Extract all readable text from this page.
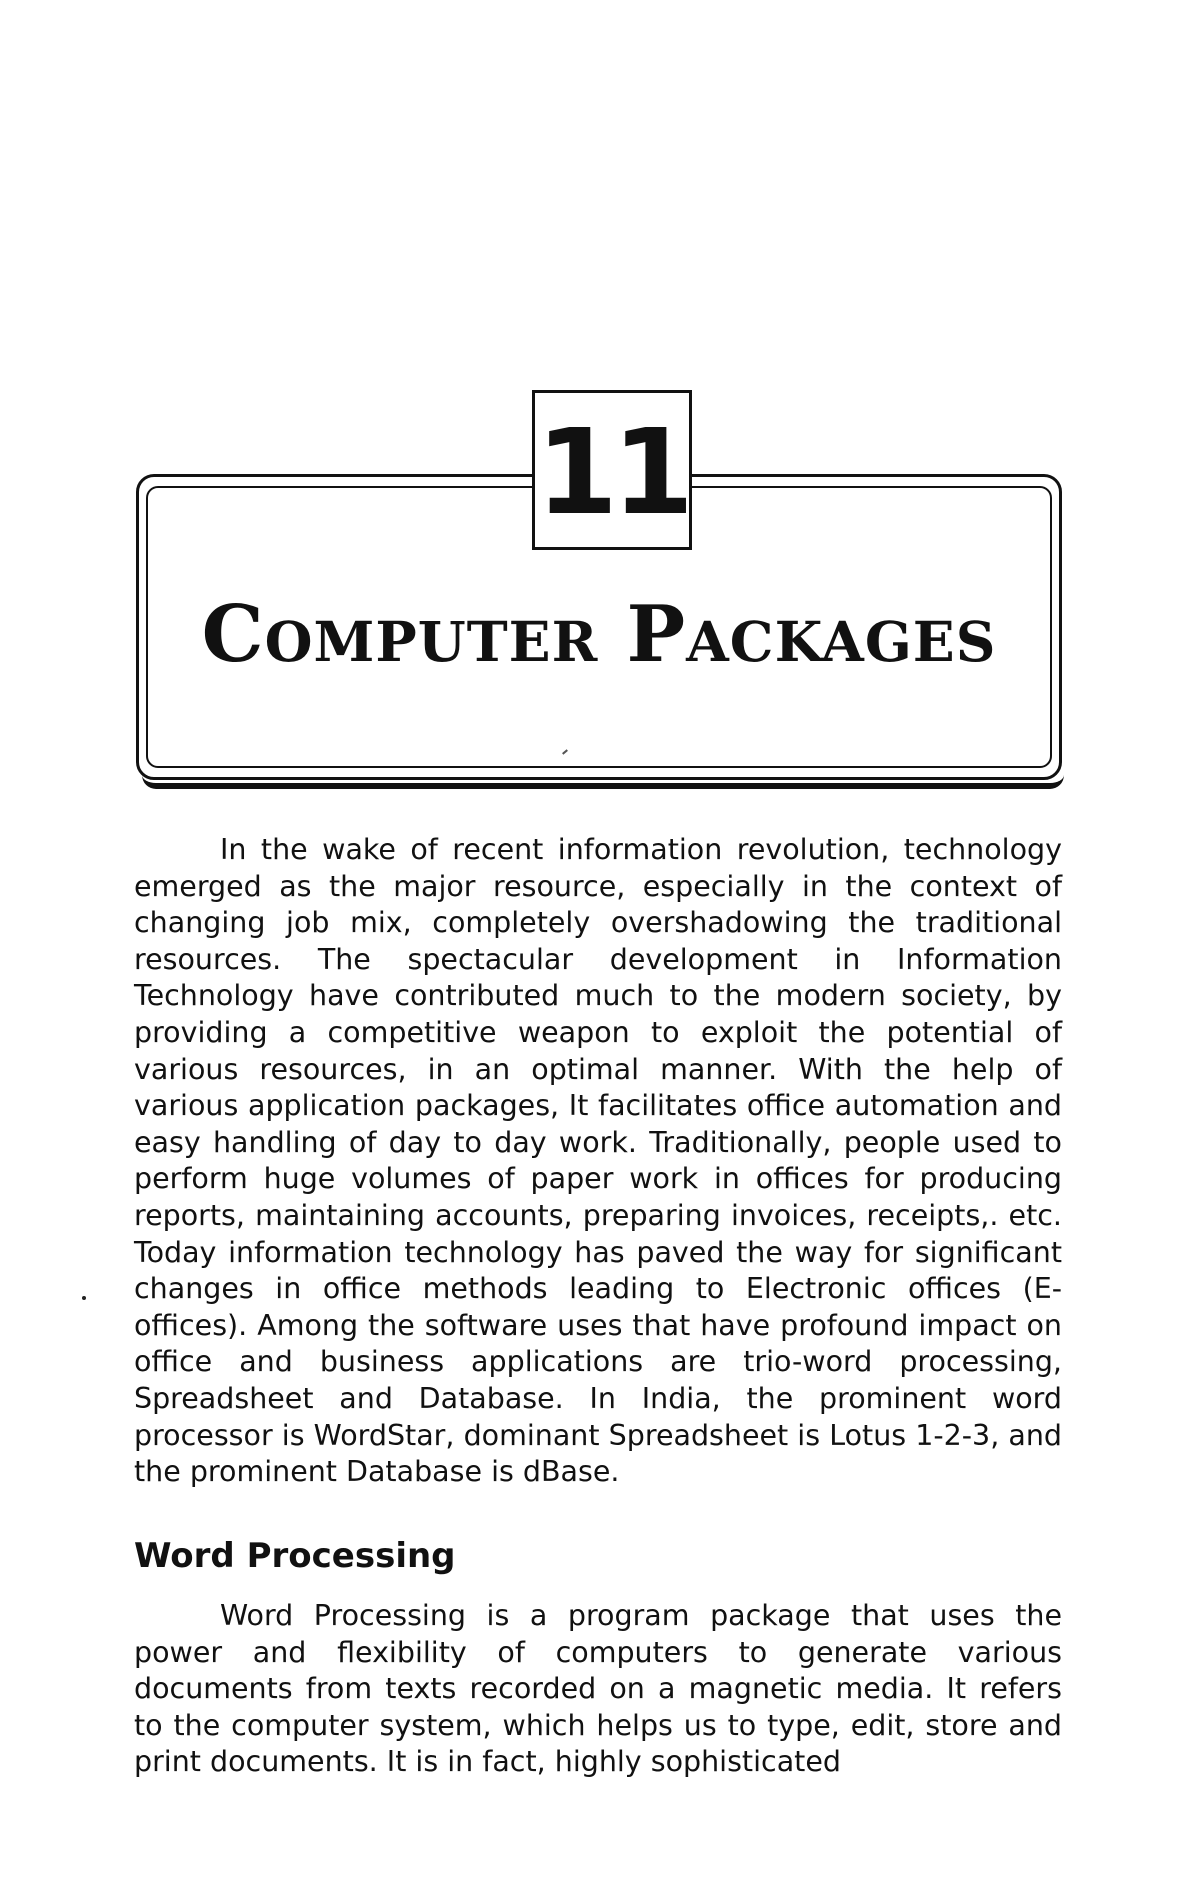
11
Computer Packages

In the wake of recent information revolution, technology emerged as the major resource, especially in the context of changing job mix, completely overshadowing the traditional resources. The spectacular development in Information Technology have contributed much to the modern society, by providing a competitive weapon to exploit the potential of various resources, in an optimal manner. With the help of various application packages, It facilitates office automation and easy handling of day to day work. Traditionally, people used to perform huge volumes of paper work in offices for producing reports, maintaining accounts, preparing invoices, receipts,. etc. Today information technology has paved the way for significant changes in office methods leading to Electronic offices (E-offices). Among the software uses that have profound impact on office and business applications are trio-word processing, Spreadsheet and Database. In India, the prominent word processor is WordStar, dominant Spreadsheet is Lotus 1-2-3, and the prominent Database is dBase.

Word Processing

Word Processing is a program package that uses the power and flexibility of computers to generate various documents from texts recorded on a magnetic media. It refers to the computer system, which helps us to type, edit, store and print documents. It is in fact, highly sophisticated
